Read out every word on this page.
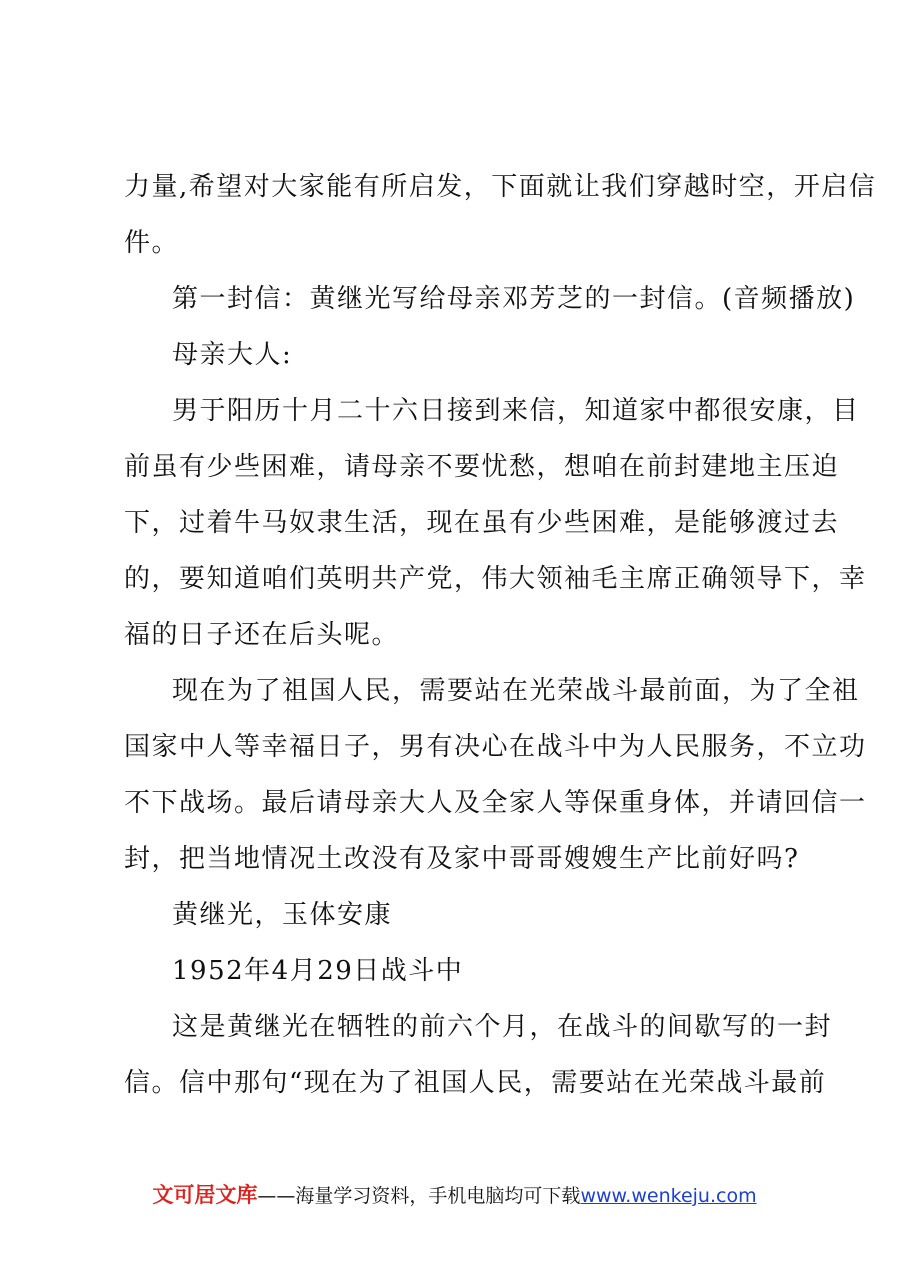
力量,希望对大家能有所启发，下面就让我们穿越时空，开启信
件。
第一封信：黄继光写给母亲邓芳芝的一封信。(音频播放)
母亲大人:
男于阳历十月二十六日接到来信，知道家中都很安康，目
前虽有少些困难，请母亲不要忧愁，想咱在前封建地主压迫
下，过着牛马奴隶生活，现在虽有少些困难，是能够渡过去
的，要知道咱们英明共产党，伟大领袖毛主席正确领导下，幸
福的日子还在后头呢。
现在为了祖国人民，需要站在光荣战斗最前面，为了全祖
国家中人等幸福日子，男有决心在战斗中为人民服务，不立功
不下战场。最后请母亲大人及全家人等保重身体，并请回信一
封，把当地情况土改没有及家中哥哥嫂嫂生产比前好吗?
黄继光，玉体安康
1952年4月29日战斗中
这是黄继光在牺牲的前六个月，在战斗的间歇写的一封
信。信中那句“现在为了祖国人民，需要站在光荣战斗最前
文可居文库——海量学习资料，手机电脑均可下载www.wenkeju.com
